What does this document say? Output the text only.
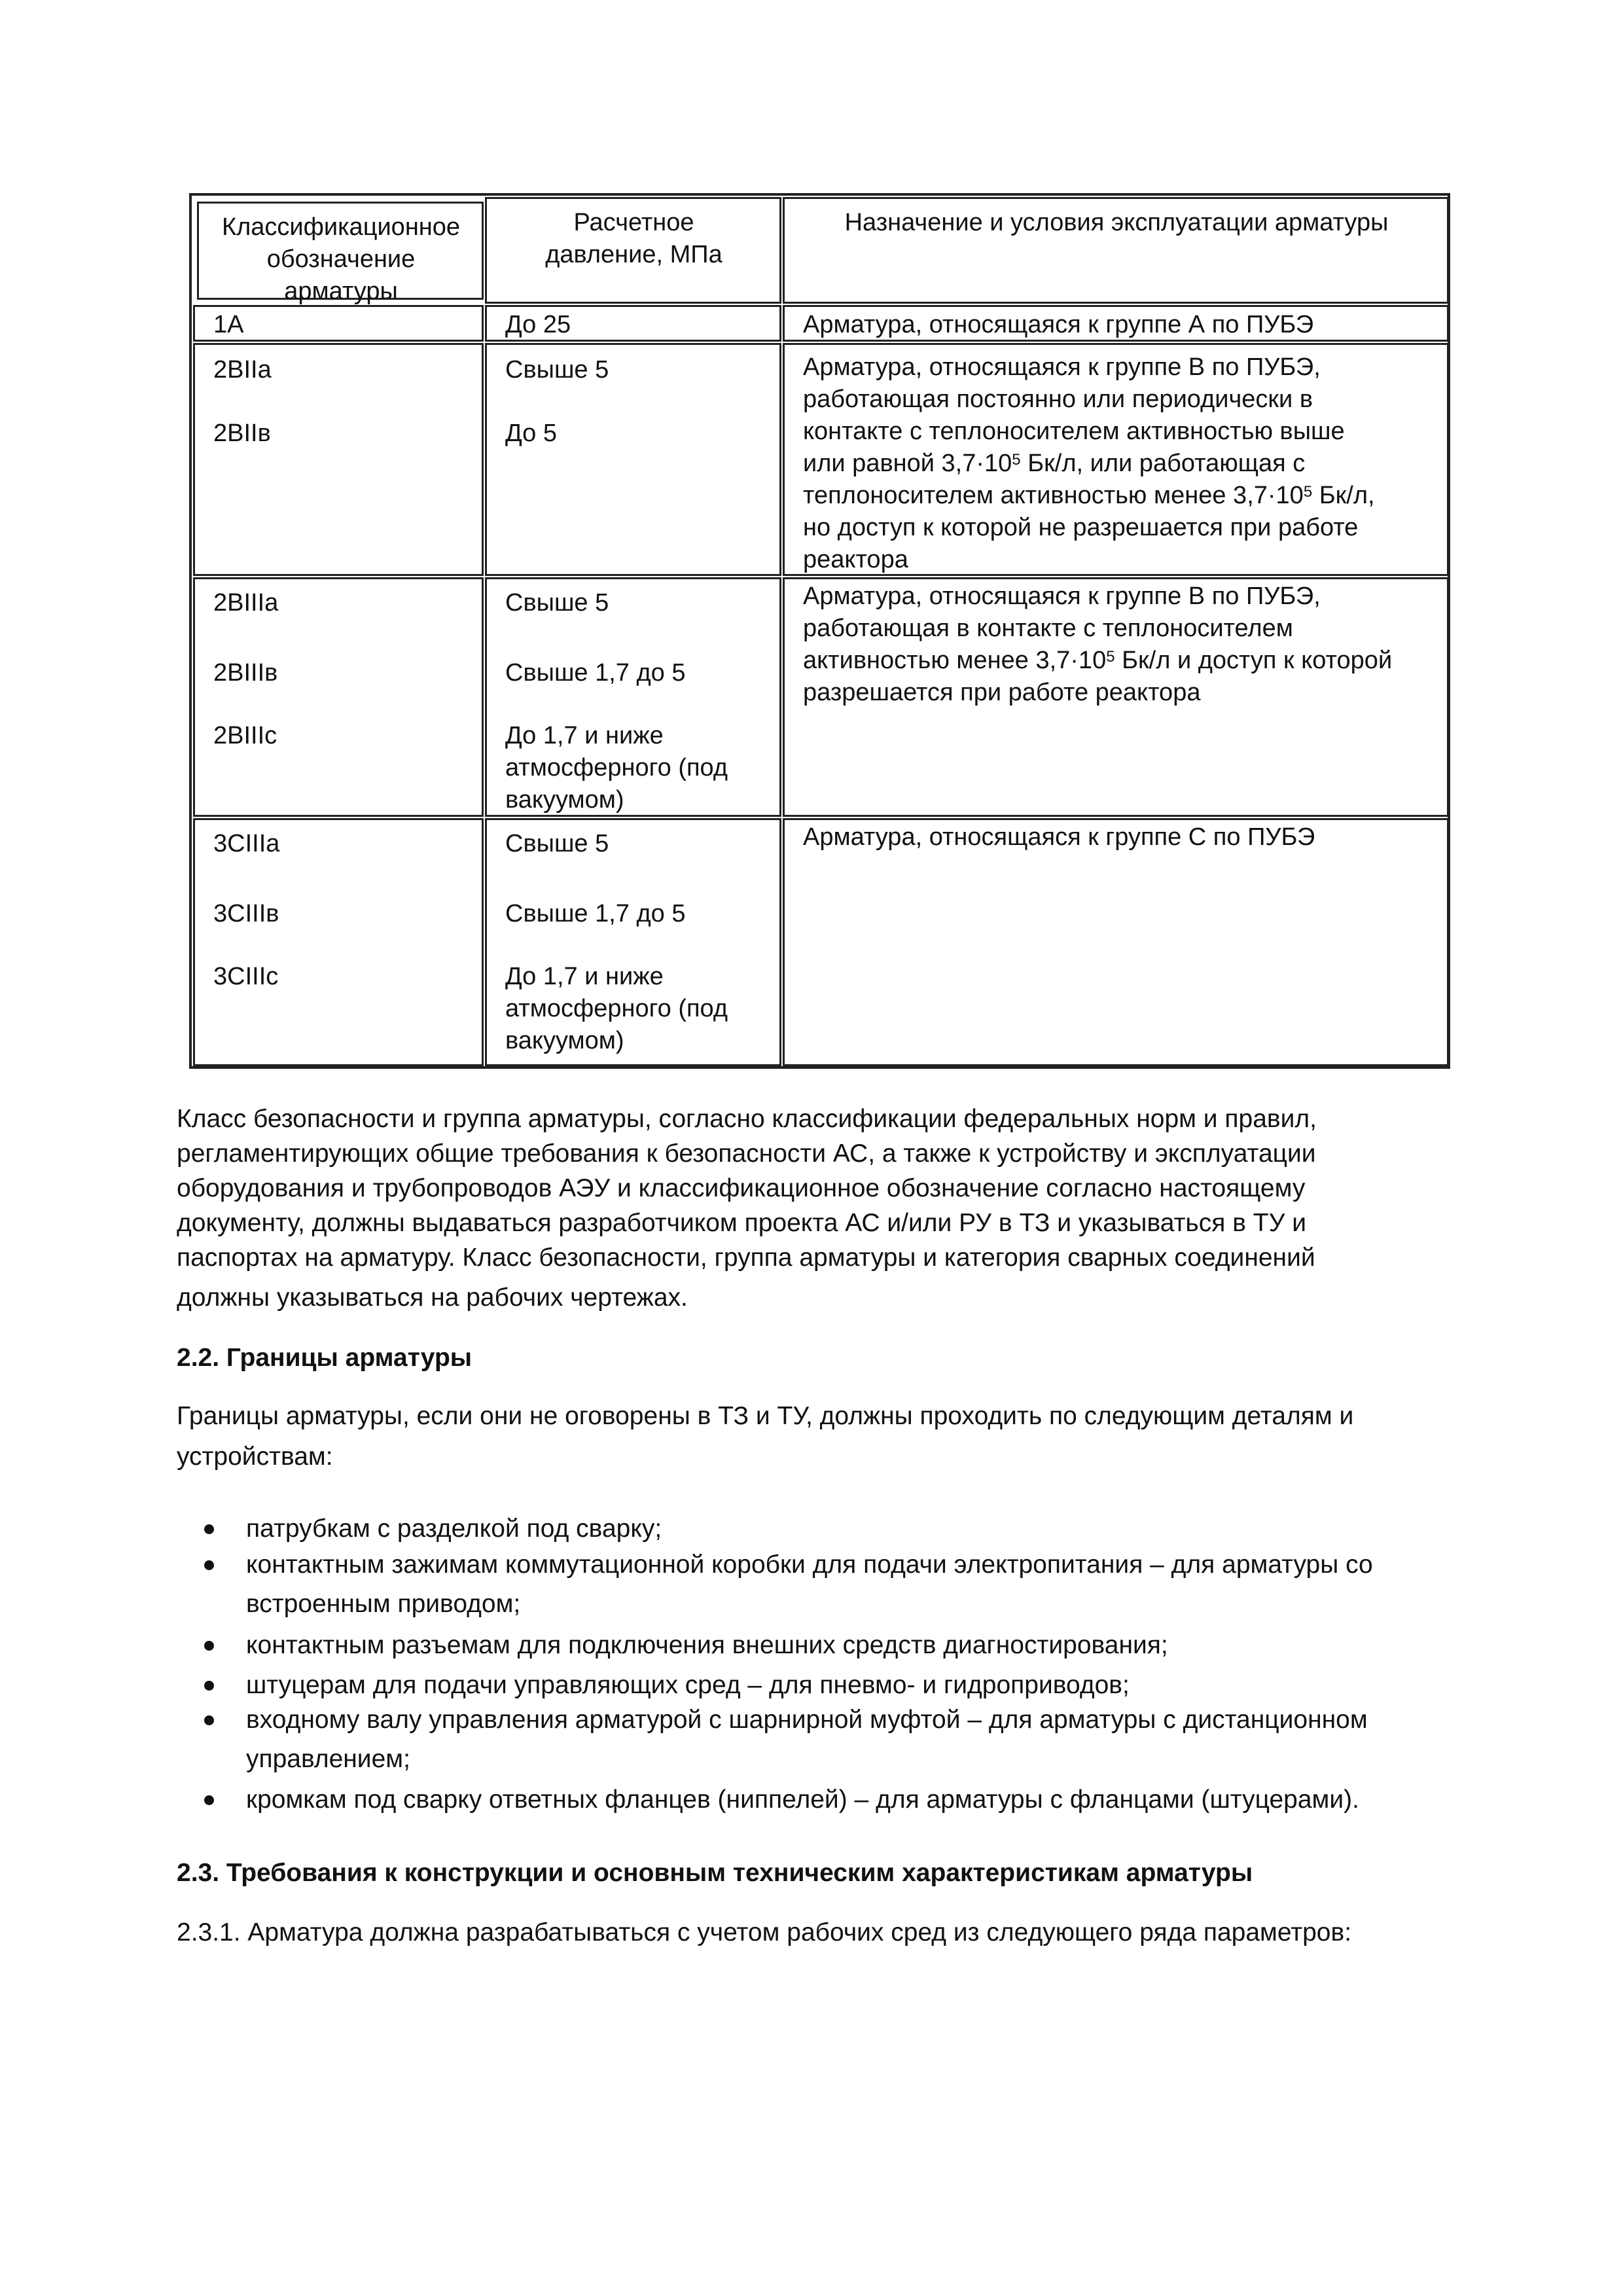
Классификационное
обозначение
арматуры
Расчетное
давление, МПа
Назначение и условия эксплуатации арматуры
1А	До 25	Арматура, относящаяся к группе А по ПУБЭ
2BIIa
2BIIв
Свыше 5
До 5
Арматура, относящаяся к группе В по ПУБЭ,
работающая постоянно или периодически в
контакте с теплоносителем активностью выше
или равной $3,7\cdot 10^5$ Бк/л, или работающая с
теплоносителем активностью менее $3,7\cdot 10^5$ Бк/л,
но доступ к которой не разрешается при работе
реактора
2BIIIa
2BIIIв
2BIIIс
Свыше 5
Свыше 1,7 до 5
До 1,7 и ниже
атмосферного (под
вакуумом)
Арматура, относящаяся к группе В по ПУБЭ,
работающая в контакте с теплоносителем
активностью менее $3,7\cdot 10^5$ Бк/л и доступ к которой
разрешается при работе реактора
3CIIIa
3CIIIв
3CIIIс
Свыше 5
Свыше 1,7 до 5
До 1,7 и ниже
атмосферного (под
вакуумом)
Арматура, относящаяся к группе С по ПУБЭ
Класс безопасности и группа арматуры, согласно классификации федеральных норм и правил,
регламентирующих общие требования к безопасности АС, а также к устройству и эксплуатации
оборудования и трубопроводов АЭУ и классификационное обозначение согласно настоящему
документу, должны выдаваться разработчиком проекта АС и/или РУ в ТЗ и указываться в ТУ и
паспортах на арматуру. Класс безопасности, группа арматуры и категория сварных соединений
должны указываться на рабочих чертежах.
2.2. Границы арматуры
Границы арматуры, если они не оговорены в ТЗ и ТУ, должны проходить по следующим деталям и
устройствам:
патрубкам с разделкой под сварку;
контактным зажимам коммутационной коробки для подачи электропитания – для арматуры со
встроенным приводом;
контактным разъемам для подключения внешних средств диагностирования;
штуцерам для подачи управляющих сред – для пневмо- и гидроприводов;
входному валу управления арматурой с шарнирной муфтой – для арматуры с дистанционном
управлением;
кромкам под сварку ответных фланцев (ниппелей) – для арматуры с фланцами (штуцерами).
2.3. Требования к конструкции и основным техническим характеристикам арматуры
2.3.1. Арматура должна разрабатываться с учетом рабочих сред из следующего ряда параметров:
